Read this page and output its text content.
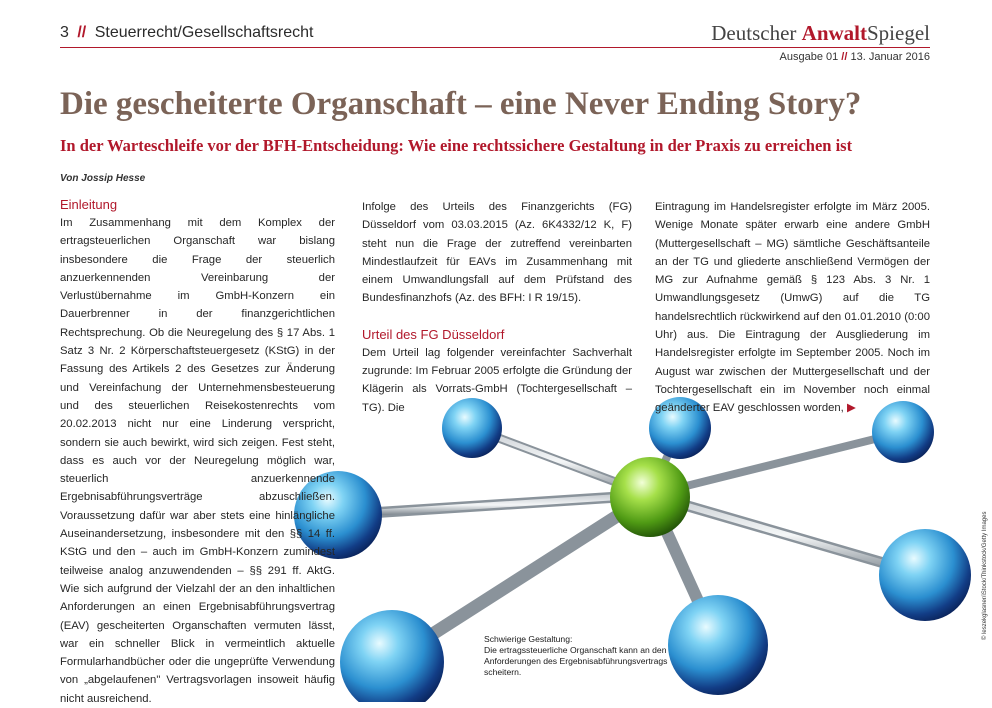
3 // Steuerrecht/Gesellschaftsrecht	Deutscher AnwaltSpiegel
Ausgabe 01 // 13. Januar 2016
Die gescheiterte Organschaft – eine Never Ending Story?
In der Warteschleife vor der BFH-Entscheidung: Wie eine rechtssichere Gestaltung in der Praxis zu erreichen ist
Von Jossip Hesse
Einleitung

Im Zusammenhang mit dem Komplex der ertragsteuerlichen Organschaft war bislang insbesondere die Frage der steuerlich anzuerkennenden Vereinbarung der Verlustübernahme im GmbH-Konzern ein Dauerbrenner in der finanzgerichtlichen Rechtsprechung. Ob die Neuregelung des § 17 Abs. 1 Satz 3 Nr. 2 Körperschaftsteuergesetz (KStG) in der Fassung des Artikels 2 des Gesetzes zur Änderung und Vereinfachung der Unternehmensbesteuerung und des steuerlichen Reisekostenrechts vom 20.02.2013 nicht nur eine Linderung verspricht, sondern sie auch bewirkt, wird sich zeigen. Fest steht, dass es auch vor der Neuregelung möglich war, steuerlich anzuerkennende Ergebnisabführungsverträge abzuschließen. Voraussetzung dafür war aber stets eine hinlängliche Auseinandersetzung, insbesondere mit den §§ 14 ff. KStG und den – auch im GmbH-Konzern zumindest teilweise analog anzuwendenden – §§ 291 ff. AktG. Wie sich aufgrund der Vielzahl der an den inhaltlichen Anforderungen an einen Ergebnisabführungsvertrag (EAV) gescheiterten Organschaften vermuten lässt, war ein schneller Blick in vermeintlich aktuelle Formularhandbücher oder die ungeprüfte Verwendung von „abgelaufenen" Vertragsvorlagen insoweit häufig nicht ausreichend.

Infolge des Urteils des Finanzgerichts (FG) Düsseldorf vom 03.03.2015 (Az. 6K4332/12 K, F) steht nun die Frage der zutreffend vereinbarten Mindestlaufzeit für EAVs im Zusammenhang mit einem Umwandlungsfall auf dem Prüfstand des Bundesfinanzhofs (Az. des BFH: I R 19/15).

Urteil des FG Düsseldorf

Dem Urteil lag folgender vereinfachter Sachverhalt zugrunde: Im Februar 2005 erfolgte die Gründung der Klägerin als Vorrats-GmbH (Tochtergesellschaft – TG). Die

Eintragung im Handelsregister erfolgte im März 2005. Wenige Monate später erwarb eine andere GmbH (Muttergesellschaft – MG) sämtliche Geschäftsanteile an der TG und gliederte anschließend Vermögen der MG zur Aufnahme gemäß § 123 Abs. 3 Nr. 1 Umwandlungsgesetz (UmwG) auf die TG handelsrechtlich rückwirkend auf den 01.01.2010 (0:00 Uhr) aus. Die Eintragung der Ausgliederung im Handelsregister erfolgte im September 2005. Noch im August war zwischen der Muttergesellschaft und der Tochtergesellschaft ein im November noch einmal geänderter EAV geschlossen worden, ▶

Schwierige Gestaltung:
Die ertragssteuerliche Organschaft kann an den Anforderungen des Ergebnisabführungsvertrags scheitern.
© leszekglasner/iStock/Thinkstock/Getty Images
